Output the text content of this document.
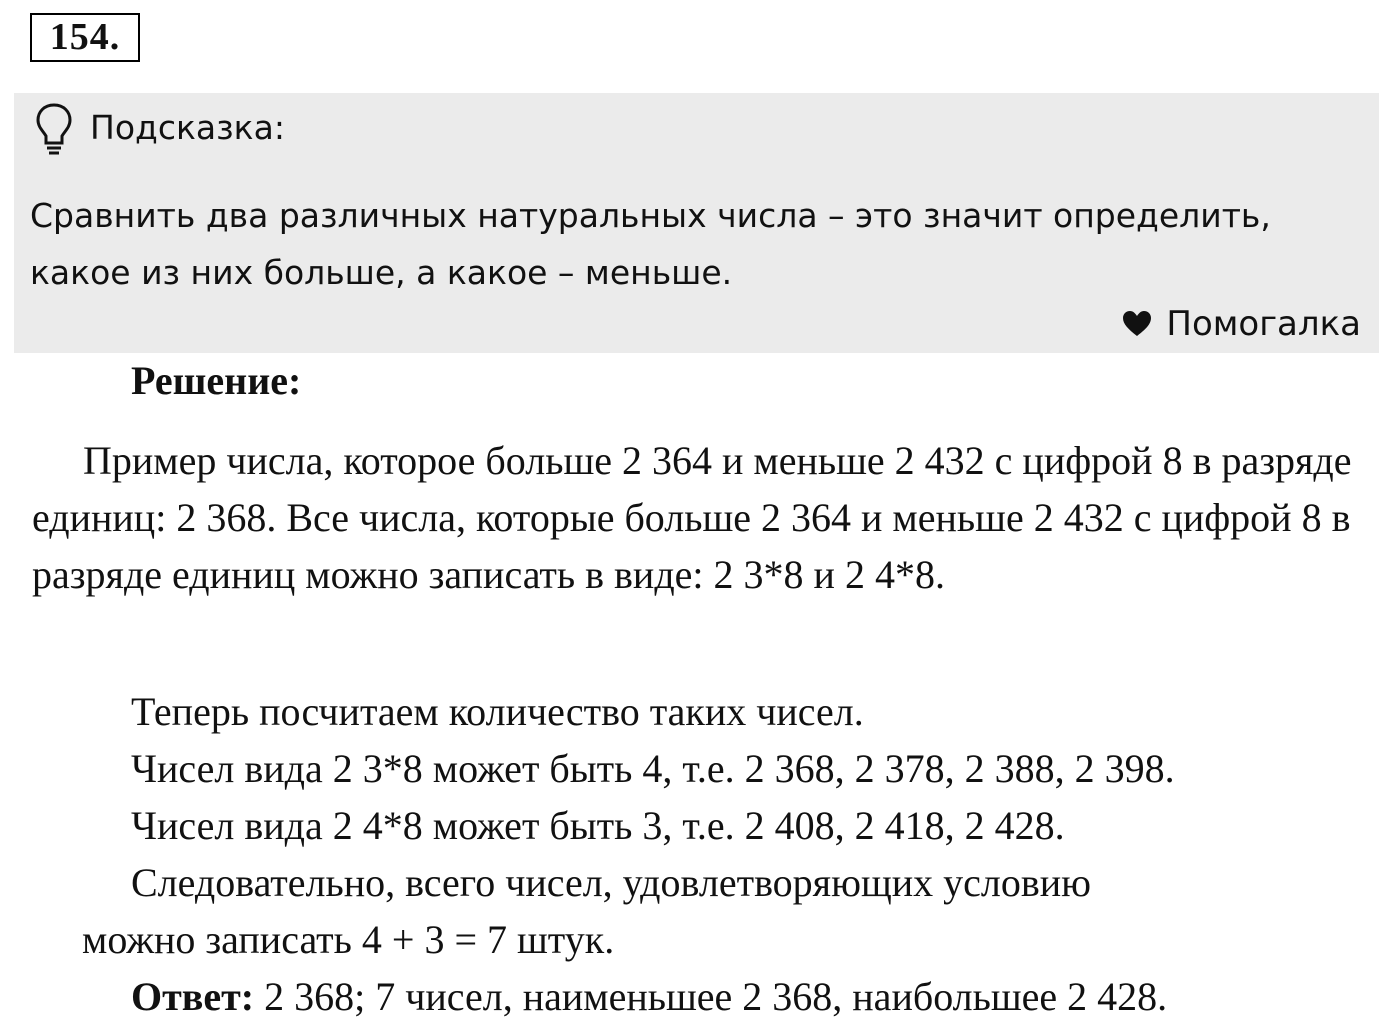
154.
Подсказка:
Сравнить два различных натуральных числа – это значит определить, какое из них больше, а какое – меньше.
Помогалка
Решение:
Пример числа, которое больше 2 364 и меньше 2 432 с цифрой 8 в разряде единиц: 2 368. Все числа, которые больше 2 364 и меньше 2 432 с цифрой 8 в разряде единиц можно записать в виде: 2 3*8 и 2 4*8.
Теперь посчитаем количество таких чисел.
Чисел вида 2 3*8 может быть 4, т.е. 2 368, 2 378, 2 388, 2 398.
Чисел вида 2 4*8 может быть 3, т.е. 2 408, 2 418, 2 428.
Следовательно, всего чисел, удовлетворяющих условию
можно записать 4 + 3 = 7 штук.
Ответ: 2 368; 7 чисел, наименьшее 2 368, наибольшее 2 428.
